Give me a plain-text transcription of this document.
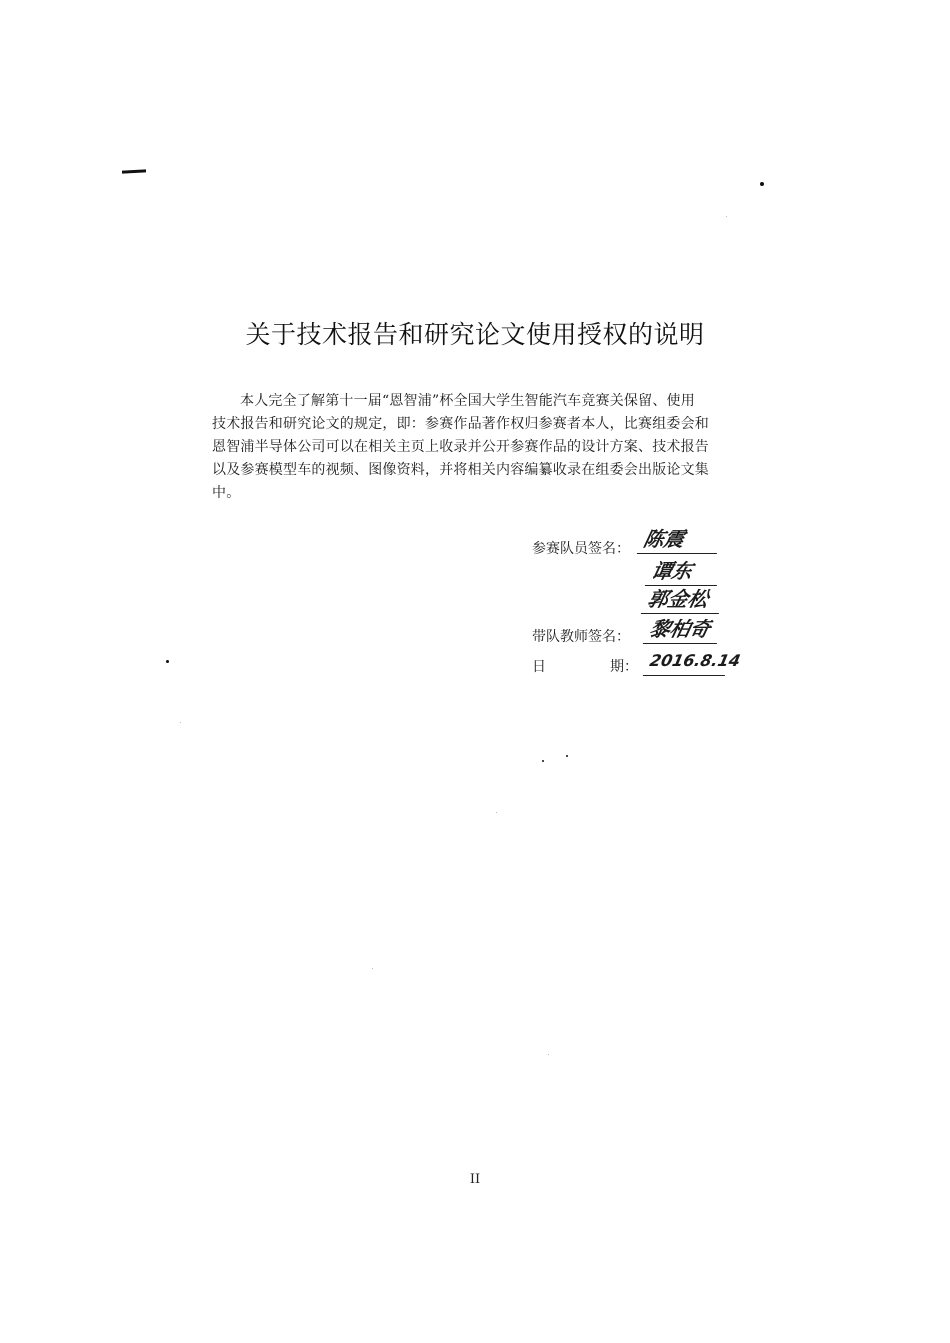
关于技术报告和研究论文使用授权的说明
本人完全了解第十一届“恩智浦”杯全国大学生智能汽车竞赛关保留、使用
技术报告和研究论文的规定，即：参赛作品著作权归参赛者本人，比赛组委会和
恩智浦半导体公司可以在相关主页上收录并公开参赛作品的设计方案、技术报告
以及参赛模型车的视频、图像资料，并将相关内容编纂收录在组委会出版论文集
中。
参赛队员签名： 陈震
谭东
郭金松
带队教师签名： 黎柏奇
日	期： 2016.8.14
II
